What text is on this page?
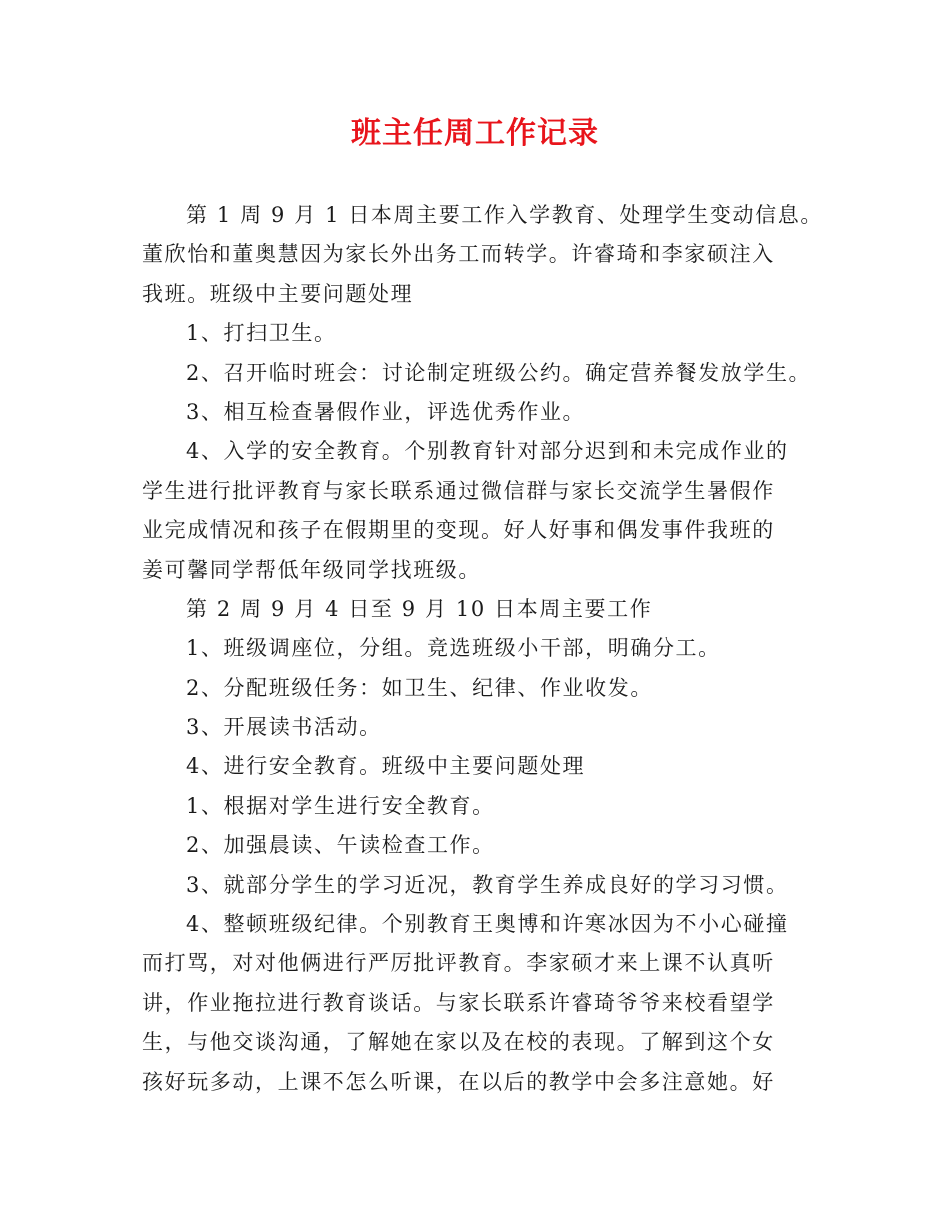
班主任周工作记录
第 1 周 9 月 1 日本周主要工作入学教育、处理学生变动信息。
董欣怡和董奥慧因为家长外出务工而转学。许睿琦和李家硕注入
我班。班级中主要问题处理
1、打扫卫生。
2、召开临时班会：讨论制定班级公约。确定营养餐发放学生。
3、相互检查暑假作业，评选优秀作业。
4、入学的安全教育。个别教育针对部分迟到和未完成作业的
学生进行批评教育与家长联系通过微信群与家长交流学生暑假作
业完成情况和孩子在假期里的变现。好人好事和偶发事件我班的
姜可馨同学帮低年级同学找班级。
第 2 周 9 月 4 日至 9 月 10 日本周主要工作
1、班级调座位，分组。竞选班级小干部，明确分工。
2、分配班级任务：如卫生、纪律、作业收发。
3、开展读书活动。
4、进行安全教育。班级中主要问题处理
1、根据对学生进行安全教育。
2、加强晨读、午读检查工作。
3、就部分学生的学习近况，教育学生养成良好的学习习惯。
4、整顿班级纪律。个别教育王奥博和许寒冰因为不小心碰撞
而打骂，对对他俩进行严厉批评教育。李家硕才来上课不认真听
讲，作业拖拉进行教育谈话。与家长联系许睿琦爷爷来校看望学
生，与他交谈沟通，了解她在家以及在校的表现。了解到这个女
孩好玩多动，上课不怎么听课，在以后的教学中会多注意她。好
